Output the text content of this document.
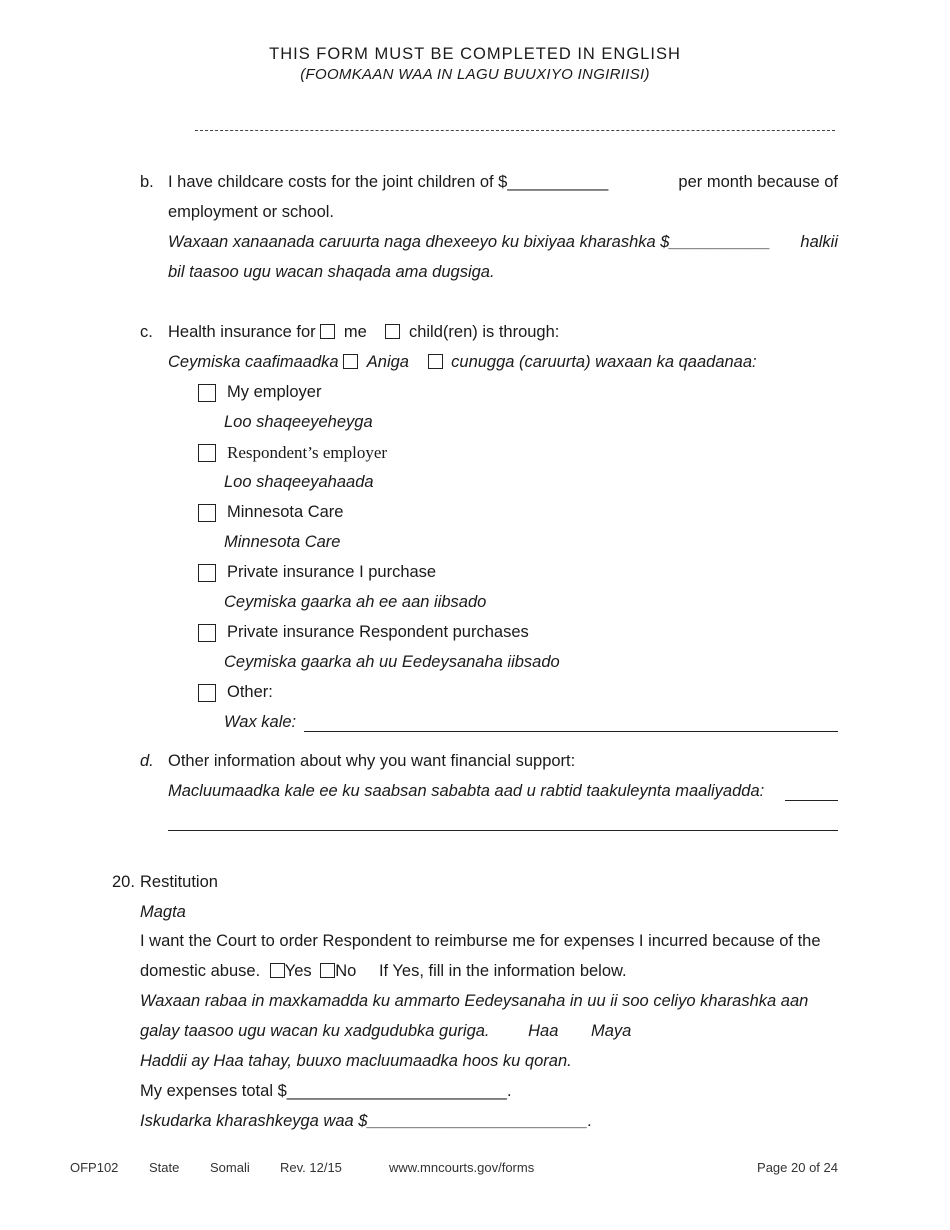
THIS FORM MUST BE COMPLETED IN ENGLISH
(FOOMKAAN WAA IN LAGU BUUXIYO INGIRIISI)
b. I have childcare costs for the joint children of $___________	per month because of
employment or school.
Waxaan xanaanada caruurta naga dhexeeyo ku bixiyaa kharashka $___________ halkii
bil taasoo ugu wacan shaqada ama dugsiga.
c. Health insurance for me	child(ren) is through:
Ceymiska caafimaadka Aniga	cunugga (caruurta) waxaan ka qaadanaa:
My employer
Loo shaqeeyeheyga
Respondent’s employer
Loo shaqeeyahaada
Minnesota Care
Minnesota Care
Private insurance I purchase
Ceymiska gaarka ah ee aan iibsado
Private insurance Respondent purchases
Ceymiska gaarka ah uu Eedeysanaha iibsado
Other:
Wax kale:
d. Other information about why you want financial support:
Macluumaadka kale ee ku saabsan sababta aad u rabtid taakuleynta maaliyadda:
20. Restitution
Magta
I want the Court to order Respondent to reimburse me for expenses I incurred because of the
domestic abuse. Yes No If Yes, fill in the information below.
Waxaan rabaa in maxkamadda ku ammarto Eedeysanaha in uu ii soo celiyo kharashka aan
galay taasoo ugu wacan ku xadgudubka guriga. Haa Maya
Haddii ay Haa tahay, buuxo macluumaadka hoos ku qoran.
My expenses total $________________________.
Iskudarka kharashkeyga waa $________________________.
OFP102 State Somali Rev. 12/15	www.mncourts.gov/forms	Page 20 of 24
